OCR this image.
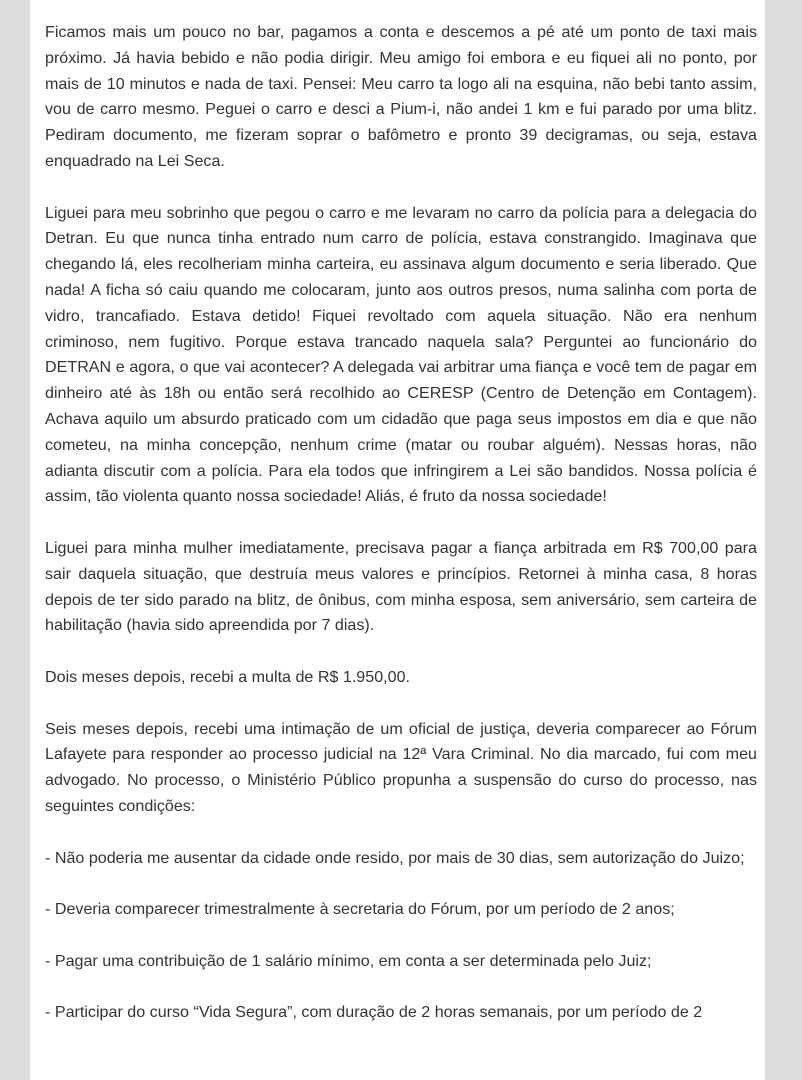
Ficamos mais um pouco no bar, pagamos a conta e descemos a pé até um ponto de taxi mais próximo. Já havia bebido e não podia dirigir. Meu amigo foi embora e eu fiquei ali no ponto, por mais de 10 minutos e nada de taxi. Pensei: Meu carro ta logo ali na esquina, não bebi tanto assim, vou de carro mesmo. Peguei o carro e desci a Pium-i, não andei 1 km e fui parado por uma blitz. Pediram documento, me fizeram soprar o bafômetro e pronto 39 decigramas, ou seja, estava enquadrado na Lei Seca.

Liguei para meu sobrinho que pegou o carro e me levaram no carro da polícia para a delegacia do Detran. Eu que nunca tinha entrado num carro de polícia, estava constrangido. Imaginava que chegando lá, eles recolheriam minha carteira, eu assinava algum documento e seria liberado. Que nada! A ficha só caiu quando me colocaram, junto aos outros presos, numa salinha com porta de vidro, trancafiado. Estava detido! Fiquei revoltado com aquela situação. Não era nenhum criminoso, nem fugitivo. Porque estava trancado naquela sala? Perguntei ao funcionário do DETRAN e agora, o que vai acontecer? A delegada vai arbitrar uma fiança e você tem de pagar em dinheiro até às 18h ou então será recolhido ao CERESP (Centro de Detenção em Contagem). Achava aquilo um absurdo praticado com um cidadão que paga seus impostos em dia e que não cometeu, na minha concepção, nenhum crime (matar ou roubar alguém). Nessas horas, não adianta discutir com a polícia. Para ela todos que infringirem a Lei são bandidos. Nossa polícia é assim, tão violenta quanto nossa sociedade! Aliás, é fruto da nossa sociedade!

Liguei para minha mulher imediatamente, precisava pagar a fiança arbitrada em R$ 700,00 para sair daquela situação, que destruía meus valores e princípios. Retornei à minha casa, 8 horas depois de ter sido parado na blitz, de ônibus, com minha esposa, sem aniversário, sem carteira de habilitação (havia sido apreendida por 7 dias).

Dois meses depois, recebi a multa de R$ 1.950,00.

Seis meses depois, recebi uma intimação de um oficial de justiça, deveria comparecer ao Fórum Lafayete para responder ao processo judicial na 12ª Vara Criminal. No dia marcado, fui com meu advogado. No processo, o Ministério Público propunha a suspensão do curso do processo, nas seguintes condições:

- Não poderia me ausentar da cidade onde resido, por mais de 30 dias, sem autorização do Juizo;

- Deveria comparecer trimestralmente à secretaria do Fórum, por um período de 2 anos;

- Pagar uma contribuição de 1 salário mínimo, em conta a ser determinada pelo Juiz;

- Participar do curso “Vida Segura”, com duração de 2 horas semanais, por um período de 2
